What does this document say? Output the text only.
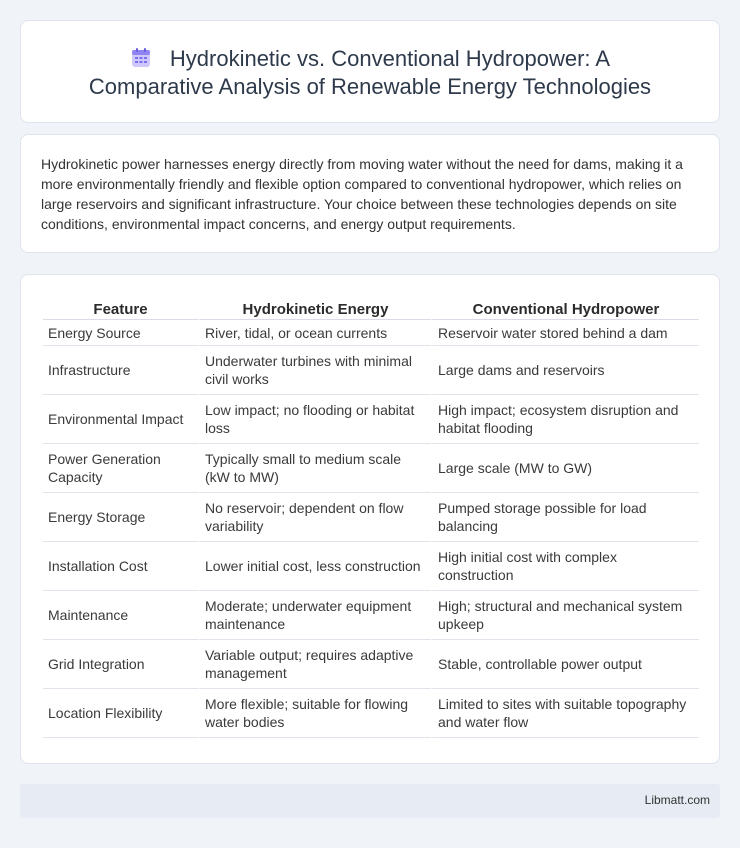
Hydrokinetic vs. Conventional Hydropower: A
Comparative Analysis of Renewable Energy Technologies

Hydrokinetic power harnesses energy directly from moving water without the need for dams, making it a more environmentally friendly and flexible option compared to conventional hydropower, which relies on large reservoirs and significant infrastructure. Your choice between these technologies depends on site conditions, environmental impact concerns, and energy output requirements.

Feature	Hydrokinetic Energy	Conventional Hydropower
Energy Source	River, tidal, or ocean currents	Reservoir water stored behind a dam
Infrastructure	Underwater turbines with minimal civil works	Large dams and reservoirs
Environmental Impact	Low impact; no flooding or habitat loss	High impact; ecosystem disruption and habitat flooding
Power Generation Capacity	Typically small to medium scale (kW to MW)	Large scale (MW to GW)
Energy Storage	No reservoir; dependent on flow variability	Pumped storage possible for load balancing
Installation Cost	Lower initial cost, less construction	High initial cost with complex construction
Maintenance	Moderate; underwater equipment maintenance	High; structural and mechanical system upkeep
Grid Integration	Variable output; requires adaptive management	Stable, controllable power output
Location Flexibility	More flexible; suitable for flowing water bodies	Limited to sites with suitable topography and water flow
Libmatt.com
